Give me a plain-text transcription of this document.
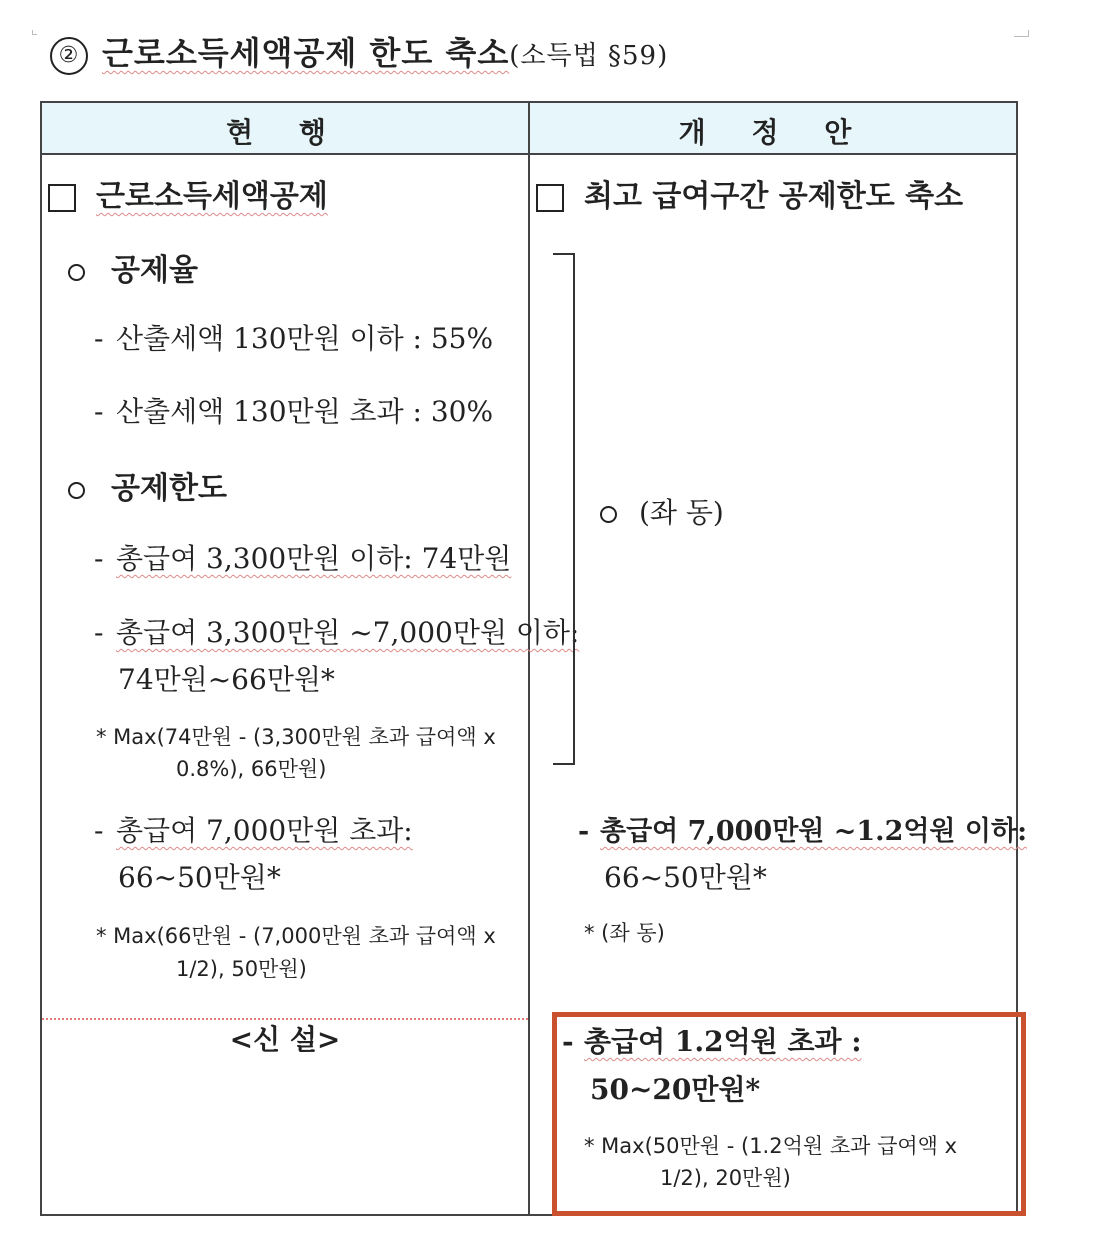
② 근로소득세액공제 한도 축소(소득법 §59)
현 행	개 정 안
근로소득세액공제
공제율
- 산출세액 130만원 이하 : 55%
- 산출세액 130만원 초과 : 30%
공제한도
- 총급여 3,300만원 이하: 74만원
- 총급여 3,300만원 ~7,000만원 이하:
74만원~66만원*
* Max(74만원 - (3,300만원 초과 급여액 x
0.8%), 66만원)
- 총급여 7,000만원 초과:
66~50만원*
* Max(66만원 - (7,000만원 초과 급여액 x
1/2), 50만원)
<신 설>
최고 급여구간 공제한도 축소
(좌 동)
- 총급여 7,000만원 ~1.2억원 이하:
66~50만원*
* (좌 동)
- 총급여 1.2억원 초과 :
50~20만원*
* Max(50만원 - (1.2억원 초과 급여액 x
1/2), 20만원)
